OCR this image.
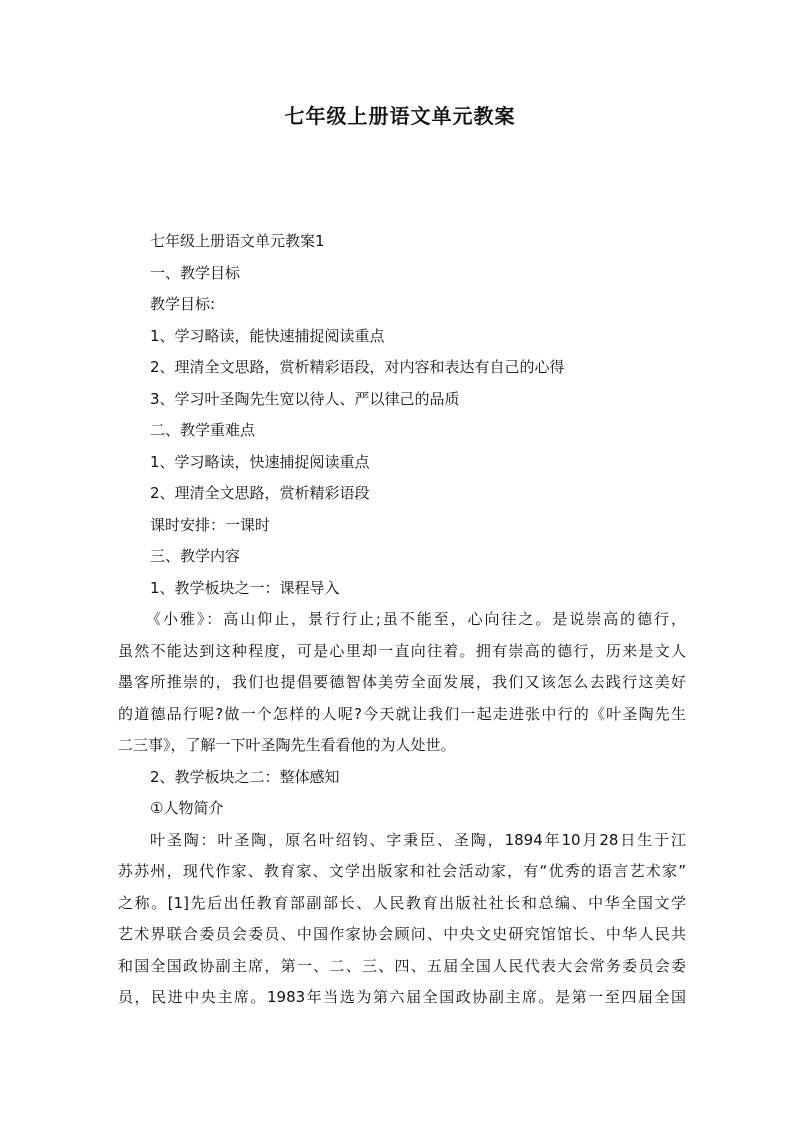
七年级上册语文单元教案
七年级上册语文单元教案1
一、教学目标
教学目标:
1、学习略读，能快速捕捉阅读重点
2、理清全文思路，赏析精彩语段，对内容和表达有自己的心得
3、学习叶圣陶先生宽以待人、严以律己的品质
二、教学重难点
1、学习略读，快速捕捉阅读重点
2、理清全文思路，赏析精彩语段
课时安排：一课时
三、教学内容
1、教学板块之一：课程导入
《小雅》：高山仰止，景行行止;虽不能至，心向往之。是说崇高的德行，
虽然不能达到这种程度，可是心里却一直向往着。拥有崇高的德行，历来是文人
墨客所推崇的，我们也提倡要德智体美劳全面发展，我们又该怎么去践行这美好
的道德品行呢?做一个怎样的人呢?今天就让我们一起走进张中行的《叶圣陶先生
二三事》，了解一下叶圣陶先生看看他的为人处世。
2、教学板块之二：整体感知
①人物简介
叶圣陶：叶圣陶，原名叶绍钧、字秉臣、圣陶，1894年10月28日生于江
苏苏州，现代作家、教育家、文学出版家和社会活动家，有“优秀的语言艺术家”
之称。[1]先后出任教育部副部长、人民教育出版社社长和总编、中华全国文学
艺术界联合委员会委员、中国作家协会顾问、中央文史研究馆馆长、中华人民共
和国全国政协副主席，第一、二、三、四、五届全国人民代表大会常务委员会委
员，民进中央主席。1983年当选为第六届全国政协副主席。是第一至四届全国
